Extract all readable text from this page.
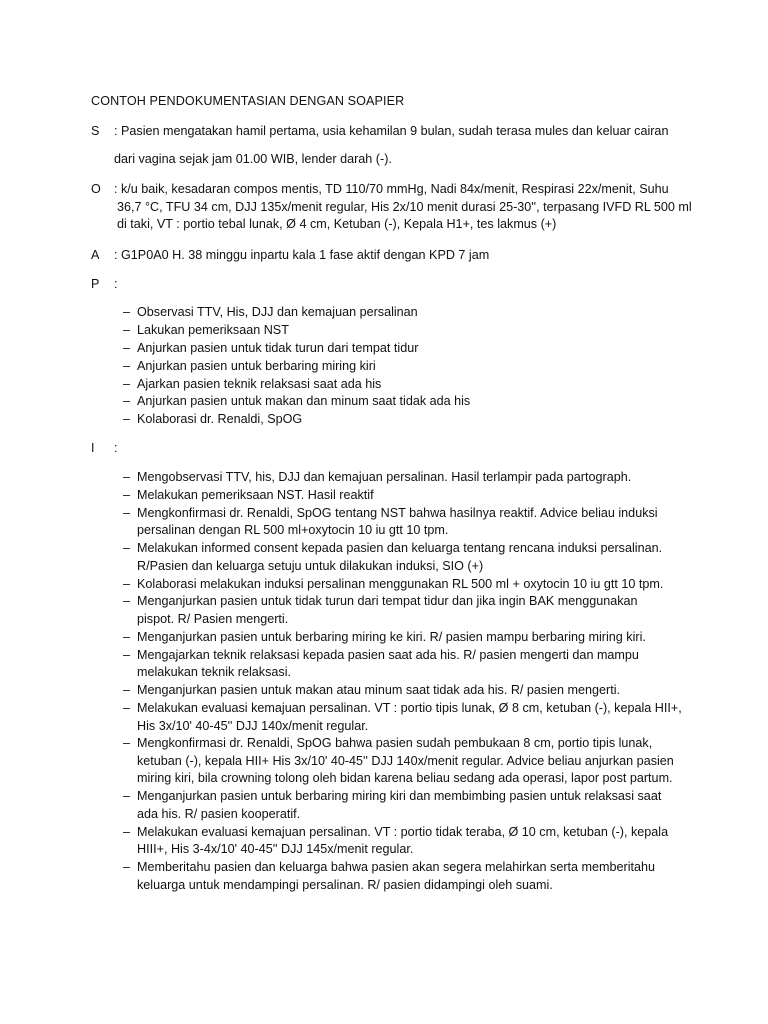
CONTOH PENDOKUMENTASIAN DENGAN SOAPIER
S	: Pasien mengatakan hamil pertama, usia kehamilan 9 bulan, sudah terasa mules dan keluar cairan
dari vagina sejak jam 01.00 WIB, lender darah (-).
O	: k/u baik, kesadaran compos mentis, TD 110/70 mmHg, Nadi 84x/menit, Respirasi 22x/menit, Suhu
36,7 °C, TFU 34 cm, DJJ 135x/menit regular, His 2x/10 menit durasi 25-30'', terpasang IVFD RL 500 ml
di taki, VT : portio tebal lunak, Ø 4 cm, Ketuban (-), Kepala H1+, tes lakmus (+)
A	: G1P0A0 H. 38 minggu inpartu kala 1 fase aktif dengan KPD 7 jam
P	:
– Observasi TTV, His, DJJ dan kemajuan persalinan
– Lakukan pemeriksaan NST
– Anjurkan pasien untuk tidak turun dari tempat tidur
– Anjurkan pasien untuk berbaring miring kiri
– Ajarkan pasien teknik relaksasi saat ada his
– Anjurkan pasien untuk makan dan minum saat tidak ada his
– Kolaborasi dr. Renaldi, SpOG
I	:
– Mengobservasi TTV, his, DJJ dan kemajuan persalinan. Hasil terlampir pada partograph.
– Melakukan pemeriksaan NST. Hasil reaktif
– Mengkonfirmasi dr. Renaldi, SpOG tentang NST bahwa hasilnya reaktif. Advice beliau induksi
persalinan dengan RL 500 ml+oxytocin 10 iu gtt 10 tpm.
– Melakukan informed consent kepada pasien dan keluarga tentang rencana induksi persalinan.
R/Pasien dan keluarga setuju untuk dilakukan induksi, SIO (+)
– Kolaborasi melakukan induksi persalinan menggunakan RL 500 ml + oxytocin 10 iu gtt 10 tpm.
– Menganjurkan pasien untuk tidak turun dari tempat tidur dan jika ingin BAK menggunakan
pispot. R/ Pasien mengerti.
– Menganjurkan pasien untuk berbaring miring ke kiri. R/ pasien mampu berbaring miring kiri.
– Mengajarkan teknik relaksasi kepada pasien saat ada his. R/ pasien mengerti dan mampu
melakukan teknik relaksasi.
– Menganjurkan pasien untuk makan atau minum saat tidak ada his. R/ pasien mengerti.
– Melakukan evaluasi kemajuan persalinan. VT : portio tipis lunak, Ø 8 cm, ketuban (-), kepala HII+,
His 3x/10' 40-45'' DJJ 140x/menit regular.
– Mengkonfirmasi dr. Renaldi, SpOG bahwa pasien sudah pembukaan 8 cm, portio tipis lunak,
ketuban (-), kepala HII+ His 3x/10' 40-45'' DJJ 140x/menit regular. Advice beliau anjurkan pasien
miring kiri, bila crowning tolong oleh bidan karena beliau sedang ada operasi, lapor post partum.
– Menganjurkan pasien untuk berbaring miring kiri dan membimbing pasien untuk relaksasi saat
ada his. R/ pasien kooperatif.
– Melakukan evaluasi kemajuan persalinan. VT : portio tidak teraba, Ø 10 cm, ketuban (-), kepala
HIII+, His 3-4x/10' 40-45'' DJJ 145x/menit regular.
– Memberitahu pasien dan keluarga bahwa pasien akan segera melahirkan serta memberitahu
keluarga untuk mendampingi persalinan. R/ pasien didampingi oleh suami.
